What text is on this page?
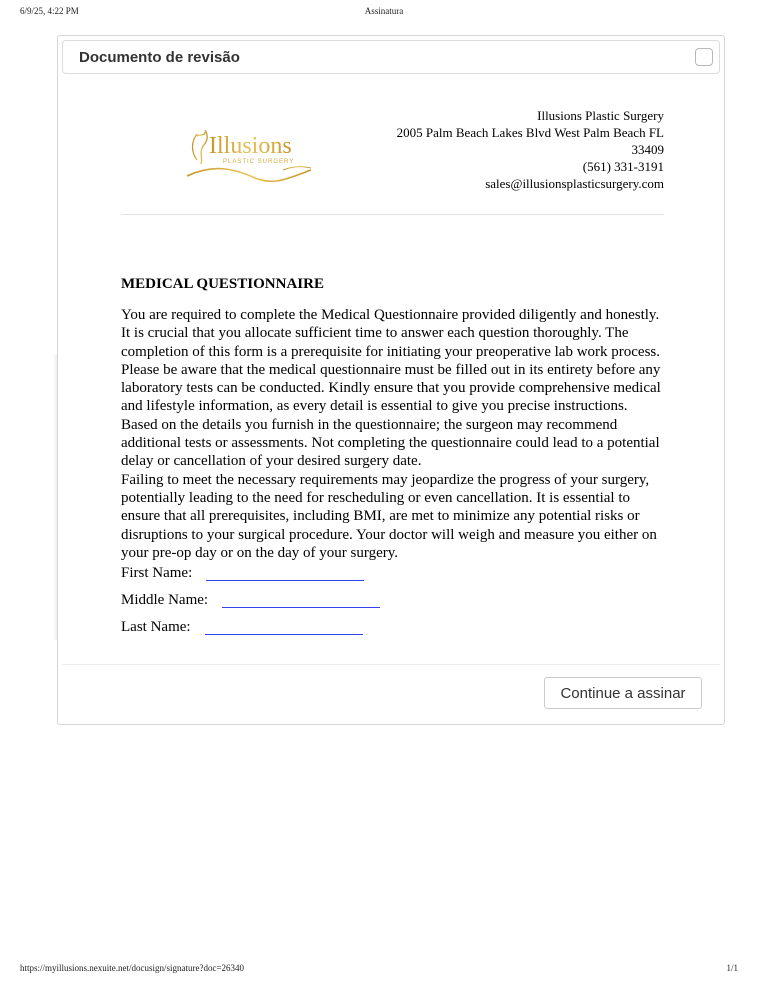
6/9/25, 4:22 PM	Assinatura
Documento de revisão
Illusions
PLASTIC SURGERY
Illusions Plastic Surgery
2005 Palm Beach Lakes Blvd West Palm Beach FL
33409
(561) 331-3191
sales@illusionsplasticsurgery.com
MEDICAL QUESTIONNAIRE

You are required to complete the Medical Questionnaire provided diligently and honestly. It is crucial that you allocate sufficient time to answer each question thoroughly. The completion of this form is a prerequisite for initiating your preoperative lab work process. Please be aware that the medical questionnaire must be filled out in its entirety before any laboratory tests can be conducted. Kindly ensure that you provide comprehensive medical and lifestyle information, as every detail is essential to give you precise instructions. Based on the details you furnish in the questionnaire; the surgeon may recommend additional tests or assessments. Not completing the questionnaire could lead to a potential delay or cancellation of your desired surgery date.

Failing to meet the necessary requirements may jeopardize the progress of your surgery, potentially leading to the need for rescheduling or even cancellation. It is essential to ensure that all prerequisites, including BMI, are met to minimize any potential risks or disruptions to your surgical procedure. Your doctor will weigh and measure you either on your pre-op day or on the day of your surgery.

First Name:
Middle Name:
Last Name:
Continue a assinar
https://myillusions.nexuite.net/docusign/signature?doc=26340	1/1
